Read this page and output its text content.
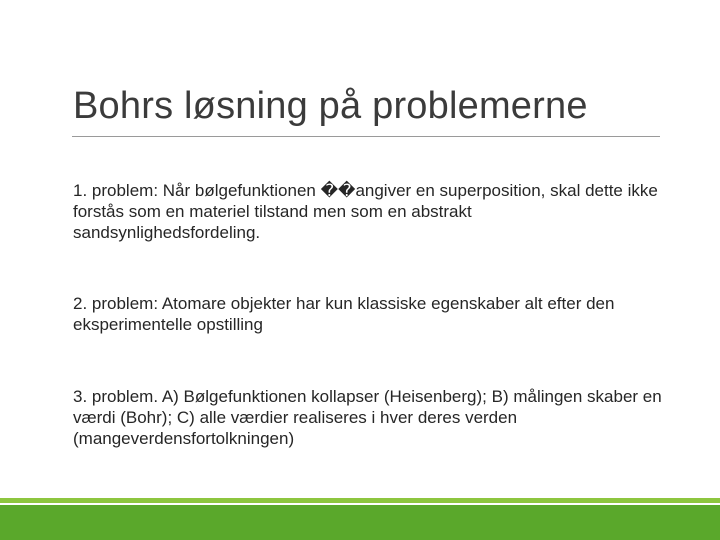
Bohrs løsning på problemerne
1. problem: Når bølgefunktionen ��angiver en superposition, skal dette ikke forstås som en materiel tilstand men som en abstrakt sandsynlighedsfordeling.
2. problem: Atomare objekter har kun klassiske egenskaber alt efter den eksperimentelle opstilling
3. problem. A) Bølgefunktionen kollapser (Heisenberg); B) målingen skaber en værdi (Bohr); C) alle værdier realiseres i hver deres verden (mangeverdensfortolkningen)
